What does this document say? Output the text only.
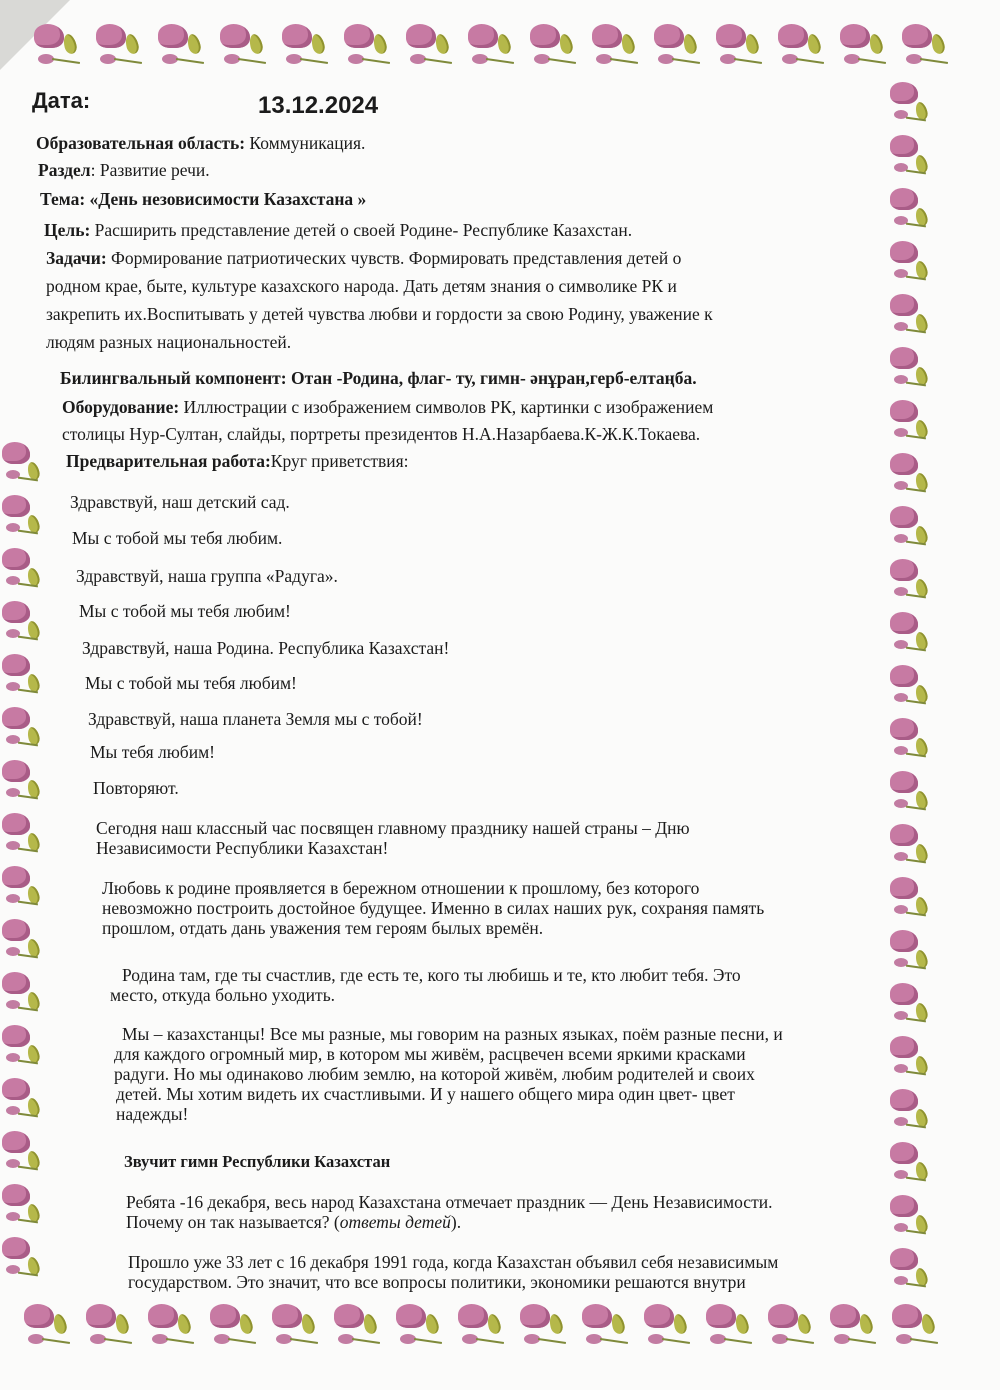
Дата:	13.12.2024
Образовательная область: Коммуникация.
Раздел: Развитие речи.
Тема: «День незовисимости Казахстана »
Цель: Расширить представление детей о своей Родине- Республике Казахстан.
Задачи: Формирование патриотических чувств. Формировать представления детей о
родном крае, быте, культуре казахского народа. Дать детям знания о символике РК и
закрепить их.Воспитывать у детей чувства любви и гордости за свою Родину, уважение к
людям разных национальностей.
Билингвальный компонент: Отан -Родина, флаг- ту, гимн- әнұран,герб-елтаңба.
Оборудование: Иллюстрации с изображением символов РК, картинки с изображением
столицы Нур-Султан, слайды, портреты президентов Н.А.Назарбаева.К-Ж.К.Токаева.
Предварительная работа:Круг приветствия:
Здравствуй, наш детский сад.
Мы с тобой мы тебя любим.
Здравствуй, наша группа «Радуга».
Мы с тобой мы тебя любим!
Здравствуй, наша Родина. Республика Казахстан!
Мы с тобой мы тебя любим!
Здравствуй, наша планета Земля мы с тобой!
Мы тебя любим!
Повторяют.
Сегодня наш классный час посвящен главному празднику нашей страны – Дню
Независимости Республики Казахстан!
Любовь к родине проявляется в бережном отношении к прошлому, без которого
невозможно построить достойное будущее. Именно в силах наших рук, сохраняя память
прошлом, отдать дань уважения тем героям былых времён.
Родина там, где ты счастлив, где есть те, кого ты любишь и те, кто любит тебя. Это
место, откуда больно уходить.
Мы – казахстанцы! Все мы разные, мы говорим на разных языках, поём разные песни, и
для каждого огромный мир, в котором мы живём, расцвечен всеми яркими красками
радуги. Но мы одинаково любим землю, на которой живём, любим родителей и своих
детей. Мы хотим видеть их счастливыми. И у нашего общего мира один цвет- цвет
надежды!
Звучит гимн Республики Казахстан
Ребята -16 декабря, весь народ Казахстана отмечает праздник — День Независимости.
Почему он так называется? (ответы детей).
Прошло уже 33 лет с 16 декабря 1991 года, когда Казахстан объявил себя независимым
государством. Это значит, что все вопросы политики, экономики решаются внутри
